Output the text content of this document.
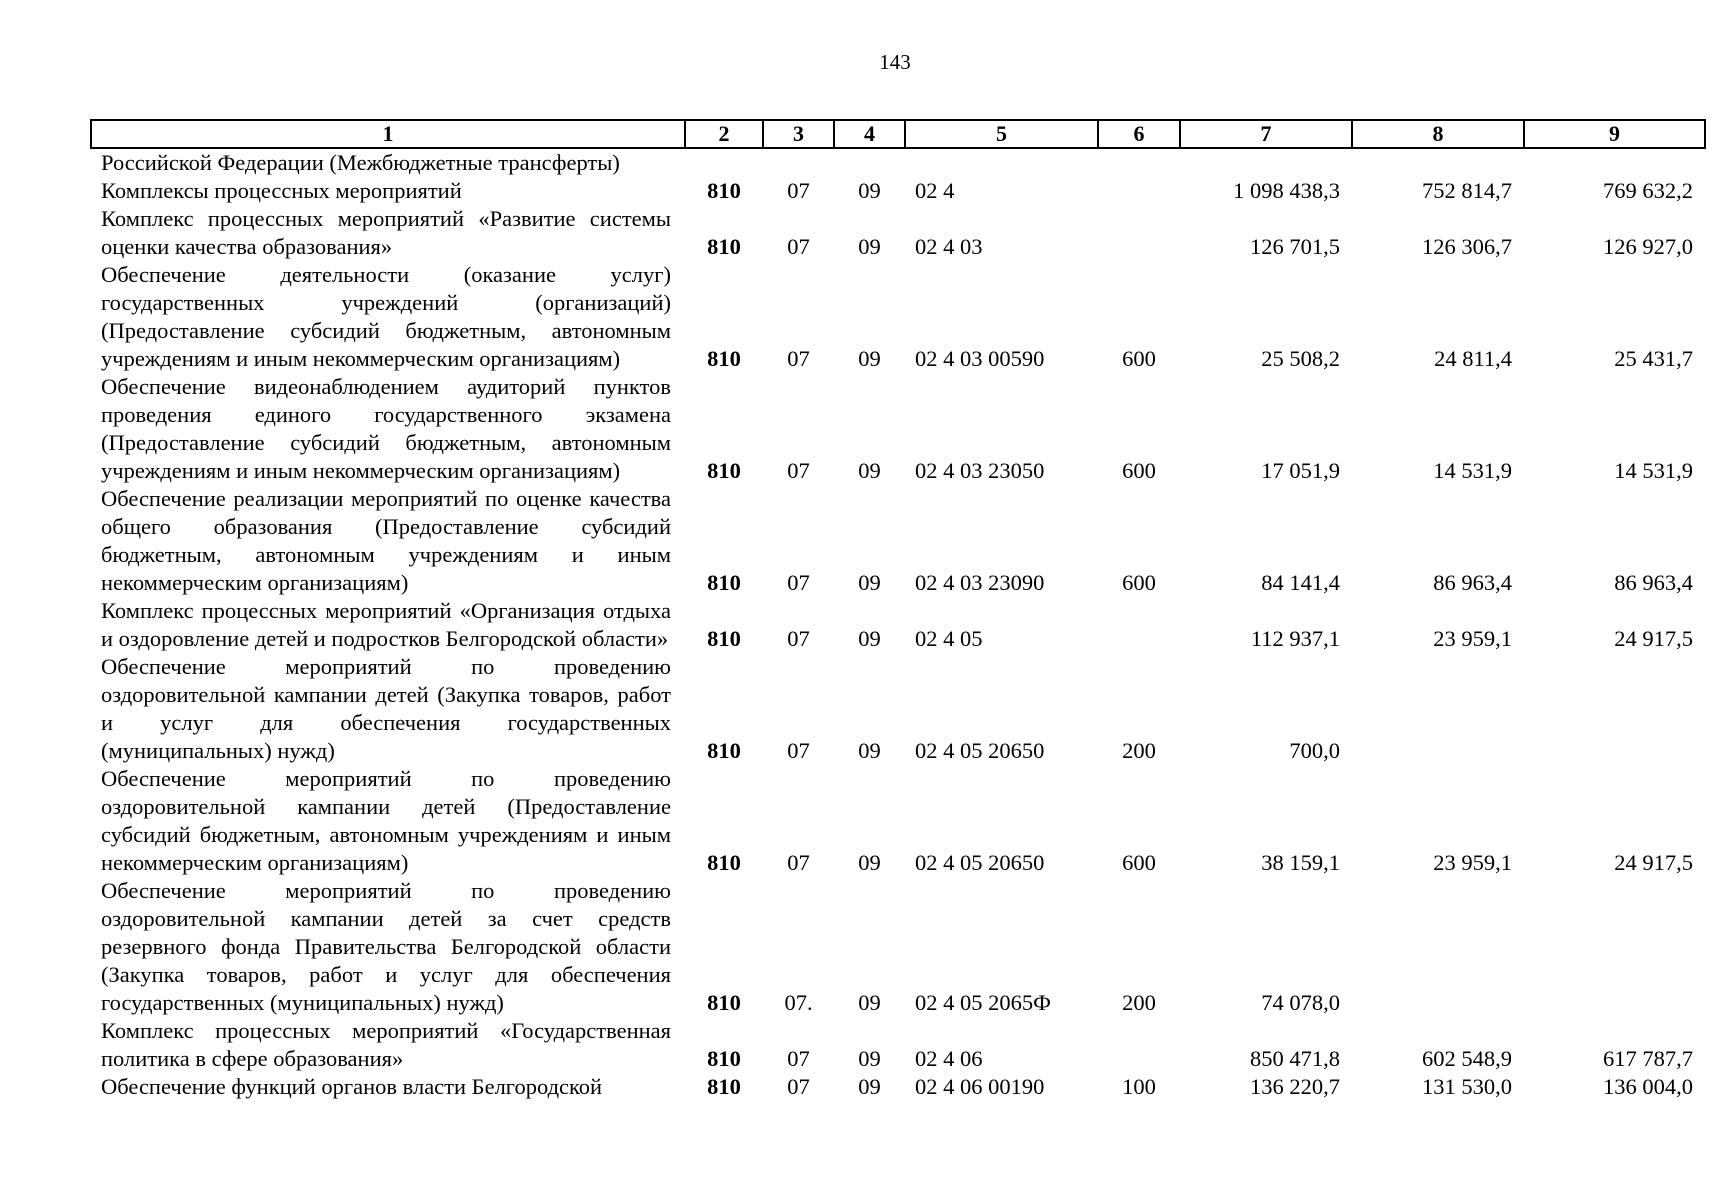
143
1	2	3	4	5	6	7	8	9
Российской Федерации (Межбюджетные трансферты)								
Комплексы процессных мероприятий	810	07	09	02 4		1 098 438,3	752 814,7	769 632,2
Комплекс процессных мероприятий «Развитие системы оценки качества образования»	810	07	09	02 4 03		126 701,5	126 306,7	126 927,0
Обеспечение деятельности (оказание услуг) государственных учреждений (организаций) (Предоставление субсидий бюджетным, автономным учреждениям и иным некоммерческим организациям)	810	07	09	02 4 03 00590	600	25 508,2	24 811,4	25 431,7
Обеспечение видеонаблюдением аудиторий пунктов проведения единого государственного экзамена (Предоставление субсидий бюджетным, автономным учреждениям и иным некоммерческим организациям)	810	07	09	02 4 03 23050	600	17 051,9	14 531,9	14 531,9
Обеспечение реализации мероприятий по оценке качества общего образования (Предоставление субсидий бюджетным, автономным учреждениям и иным некоммерческим организациям)	810	07	09	02 4 03 23090	600	84 141,4	86 963,4	86 963,4
Комплекс процессных мероприятий «Организация отдыха и оздоровление детей и подростков Белгородской области»	810	07	09	02 4 05		112 937,1	23 959,1	24 917,5
Обеспечение мероприятий по проведению оздоровительной кампании детей (Закупка товаров, работ и услуг для обеспечения государственных (муниципальных) нужд)	810	07	09	02 4 05 20650	200	700,0		
Обеспечение мероприятий по проведению оздоровительной кампании детей (Предоставление субсидий бюджетным, автономным учреждениям и иным некоммерческим организациям)	810	07	09	02 4 05 20650	600	38 159,1	23 959,1	24 917,5
Обеспечение мероприятий по проведению оздоровительной кампании детей за счет средств резервного фонда Правительства Белгородской области (Закупка товаров, работ и услуг для обеспечения государственных (муниципальных) нужд)	810	07.	09	02 4 05 2065Ф	200	74 078,0		
Комплекс процессных мероприятий «Государственная политика в сфере образования»	810	07	09	02 4 06		850 471,8	602 548,9	617 787,7
Обеспечение функций органов власти Белгородской	810	07	09	02 4 06 00190	100	136 220,7	131 530,0	136 004,0
